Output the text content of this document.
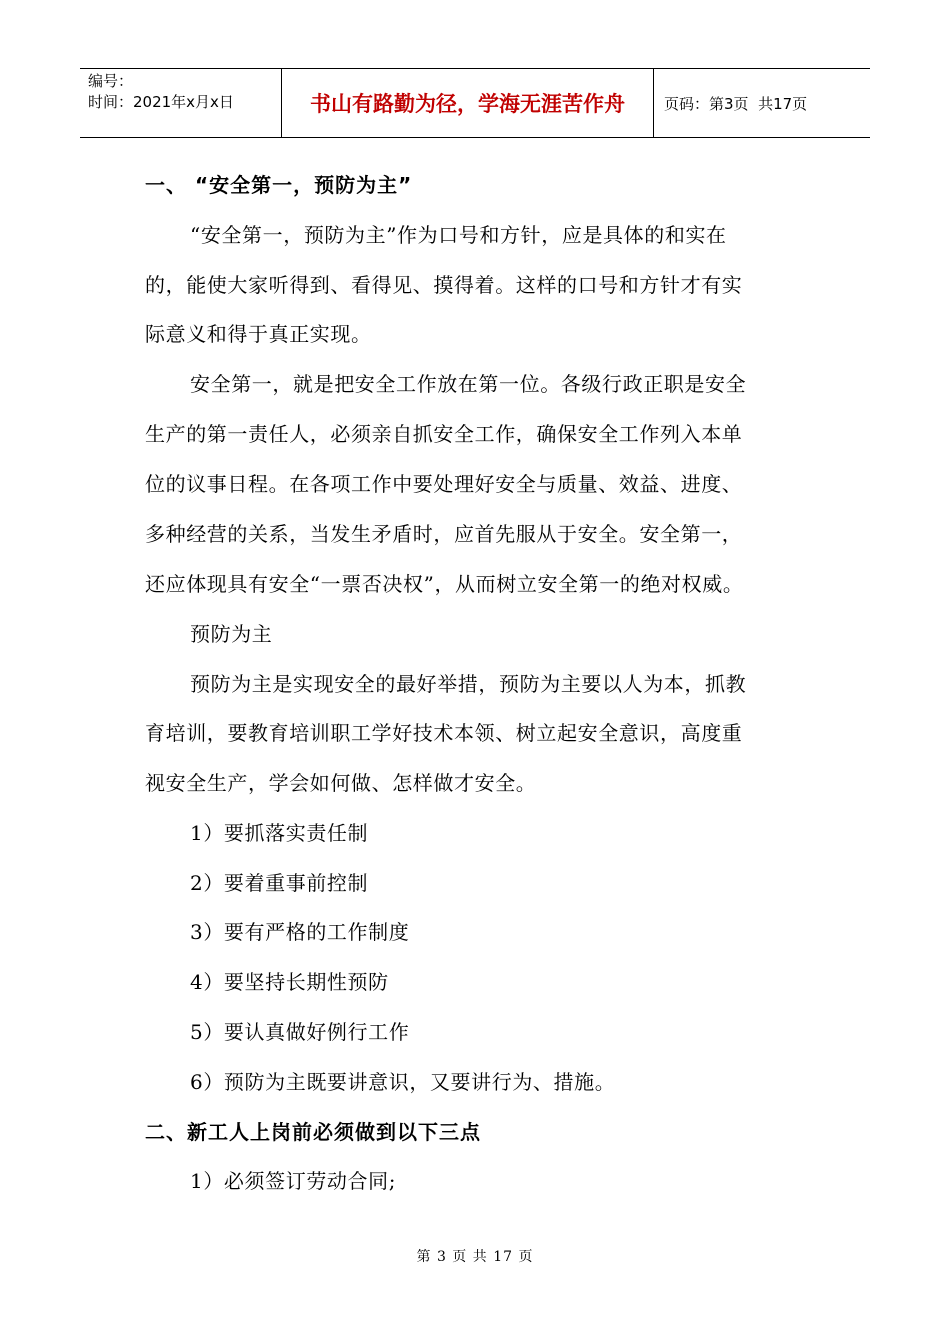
编号：
时间：2021年x月x日	书山有路勤为径，学海无涯苦作舟	页码：第3页  共17页
一、 “安全第一，预防为主”
“安全第一，预防为主”作为口号和方针，应是具体的和实在
的，能使大家听得到、看得见、摸得着。这样的口号和方针才有实
际意义和得于真正实现。
安全第一，就是把安全工作放在第一位。各级行政正职是安全
生产的第一责任人，必须亲自抓安全工作，确保安全工作列入本单
位的议事日程。在各项工作中要处理好安全与质量、效益、进度、
多种经营的关系，当发生矛盾时，应首先服从于安全。安全第一，
还应体现具有安全“一票否决权”，从而树立安全第一的绝对权威。
预防为主
预防为主是实现安全的最好举措，预防为主要以人为本，抓教
育培训，要教育培训职工学好技术本领、树立起安全意识，高度重
视安全生产，学会如何做、怎样做才安全。
1）要抓落实责任制
2）要着重事前控制
3）要有严格的工作制度
4）要坚持长期性预防
5）要认真做好例行工作
6）预防为主既要讲意识，又要讲行为、措施。
二、新工人上岗前必须做到以下三点
1）必须签订劳动合同;
第 3 页 共 17 页
